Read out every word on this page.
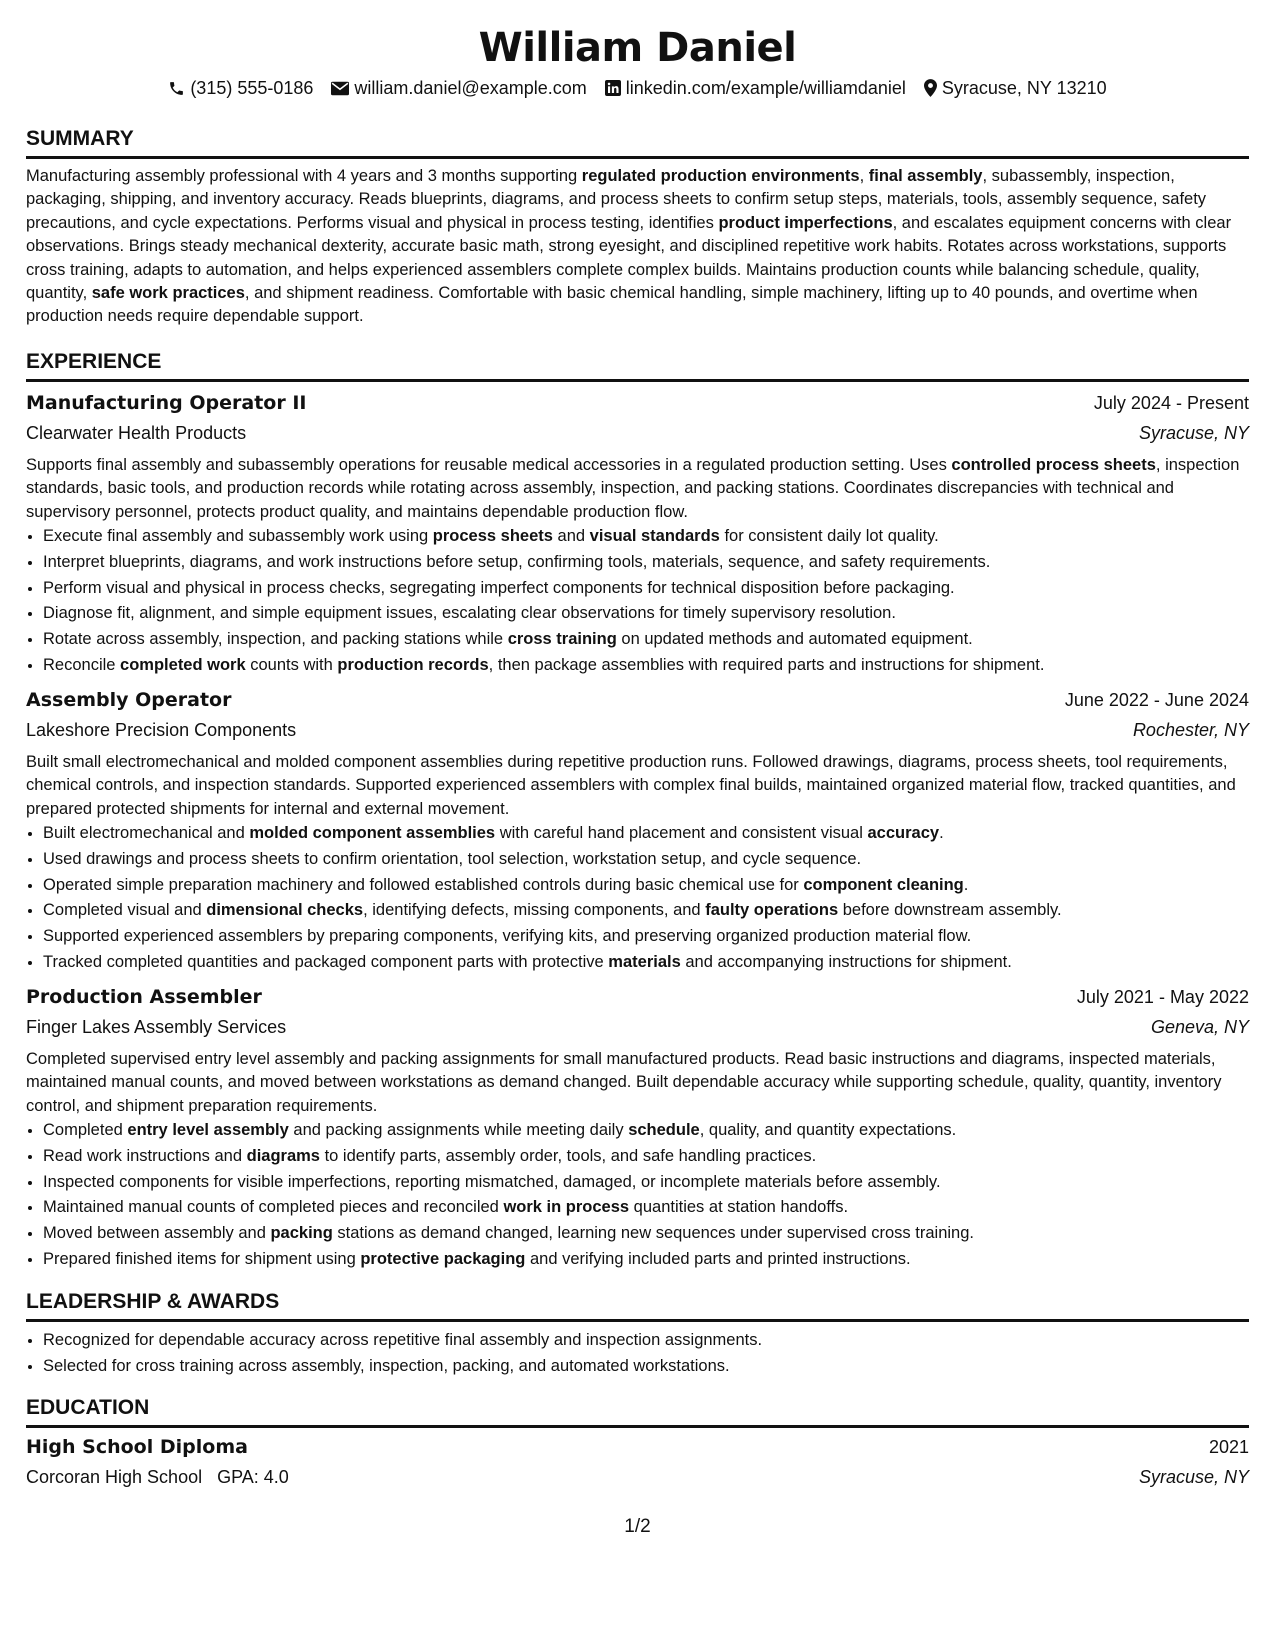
William Daniel
(315) 555-0186 william.daniel@example.com linkedin.com/example/williamdaniel Syracuse, NY 13210
SUMMARY

Manufacturing assembly professional with 4 years and 3 months supporting regulated production environments, final assembly, subassembly, inspection, packaging, shipping, and inventory accuracy. Reads blueprints, diagrams, and process sheets to confirm setup steps, materials, tools, assembly sequence, safety precautions, and cycle expectations. Performs visual and physical in process testing, identifies product imperfections, and escalates equipment concerns with clear observations. Brings steady mechanical dexterity, accurate basic math, strong eyesight, and disciplined repetitive work habits. Rotates across workstations, supports cross training, adapts to automation, and helps experienced assemblers complete complex builds. Maintains production counts while balancing schedule, quality, quantity, safe work practices, and shipment readiness. Comfortable with basic chemical handling, simple machinery, lifting up to 40 pounds, and overtime when production needs require dependable support.

EXPERIENCE
Manufacturing Operator II	July 2024 - Present
Clearwater Health Products	Syracuse, NY

Supports final assembly and subassembly operations for reusable medical accessories in a regulated production setting. Uses controlled process sheets, inspection standards, basic tools, and production records while rotating across assembly, inspection, and packing stations. Coordinates discrepancies with technical and supervisory personnel, protects product quality, and maintains dependable production flow.

• Execute final assembly and subassembly work using process sheets and visual standards for consistent daily lot quality.
• Interpret blueprints, diagrams, and work instructions before setup, confirming tools, materials, sequence, and safety requirements.
• Perform visual and physical in process checks, segregating imperfect components for technical disposition before packaging.
• Diagnose fit, alignment, and simple equipment issues, escalating clear observations for timely supervisory resolution.
• Rotate across assembly, inspection, and packing stations while cross training on updated methods and automated equipment.
• Reconcile completed work counts with production records, then package assemblies with required parts and instructions for shipment.
Assembly Operator	June 2022 - June 2024
Lakeshore Precision Components	Rochester, NY

Built small electromechanical and molded component assemblies during repetitive production runs. Followed drawings, diagrams, process sheets, tool requirements, chemical controls, and inspection standards. Supported experienced assemblers with complex final builds, maintained organized material flow, tracked quantities, and prepared protected shipments for internal and external movement.

• Built electromechanical and molded component assemblies with careful hand placement and consistent visual accuracy.
• Used drawings and process sheets to confirm orientation, tool selection, workstation setup, and cycle sequence.
• Operated simple preparation machinery and followed established controls during basic chemical use for component cleaning.
• Completed visual and dimensional checks, identifying defects, missing components, and faulty operations before downstream assembly.
• Supported experienced assemblers by preparing components, verifying kits, and preserving organized production material flow.
• Tracked completed quantities and packaged component parts with protective materials and accompanying instructions for shipment.
Production Assembler	July 2021 - May 2022
Finger Lakes Assembly Services	Geneva, NY

Completed supervised entry level assembly and packing assignments for small manufactured products. Read basic instructions and diagrams, inspected materials, maintained manual counts, and moved between workstations as demand changed. Built dependable accuracy while supporting schedule, quality, quantity, inventory control, and shipment preparation requirements.

• Completed entry level assembly and packing assignments while meeting daily schedule, quality, and quantity expectations.
• Read work instructions and diagrams to identify parts, assembly order, tools, and safe handling practices.
• Inspected components for visible imperfections, reporting mismatched, damaged, or incomplete materials before assembly.
• Maintained manual counts of completed pieces and reconciled work in process quantities at station handoffs.
• Moved between assembly and packing stations as demand changed, learning new sequences under supervised cross training.
• Prepared finished items for shipment using protective packaging and verifying included parts and printed instructions.
LEADERSHIP & AWARDS
• Recognized for dependable accuracy across repetitive final assembly and inspection assignments.
• Selected for cross training across assembly, inspection, packing, and automated workstations.
EDUCATION
High School Diploma	2021
Corcoran High School GPA: 4.0	Syracuse, NY
1/2
